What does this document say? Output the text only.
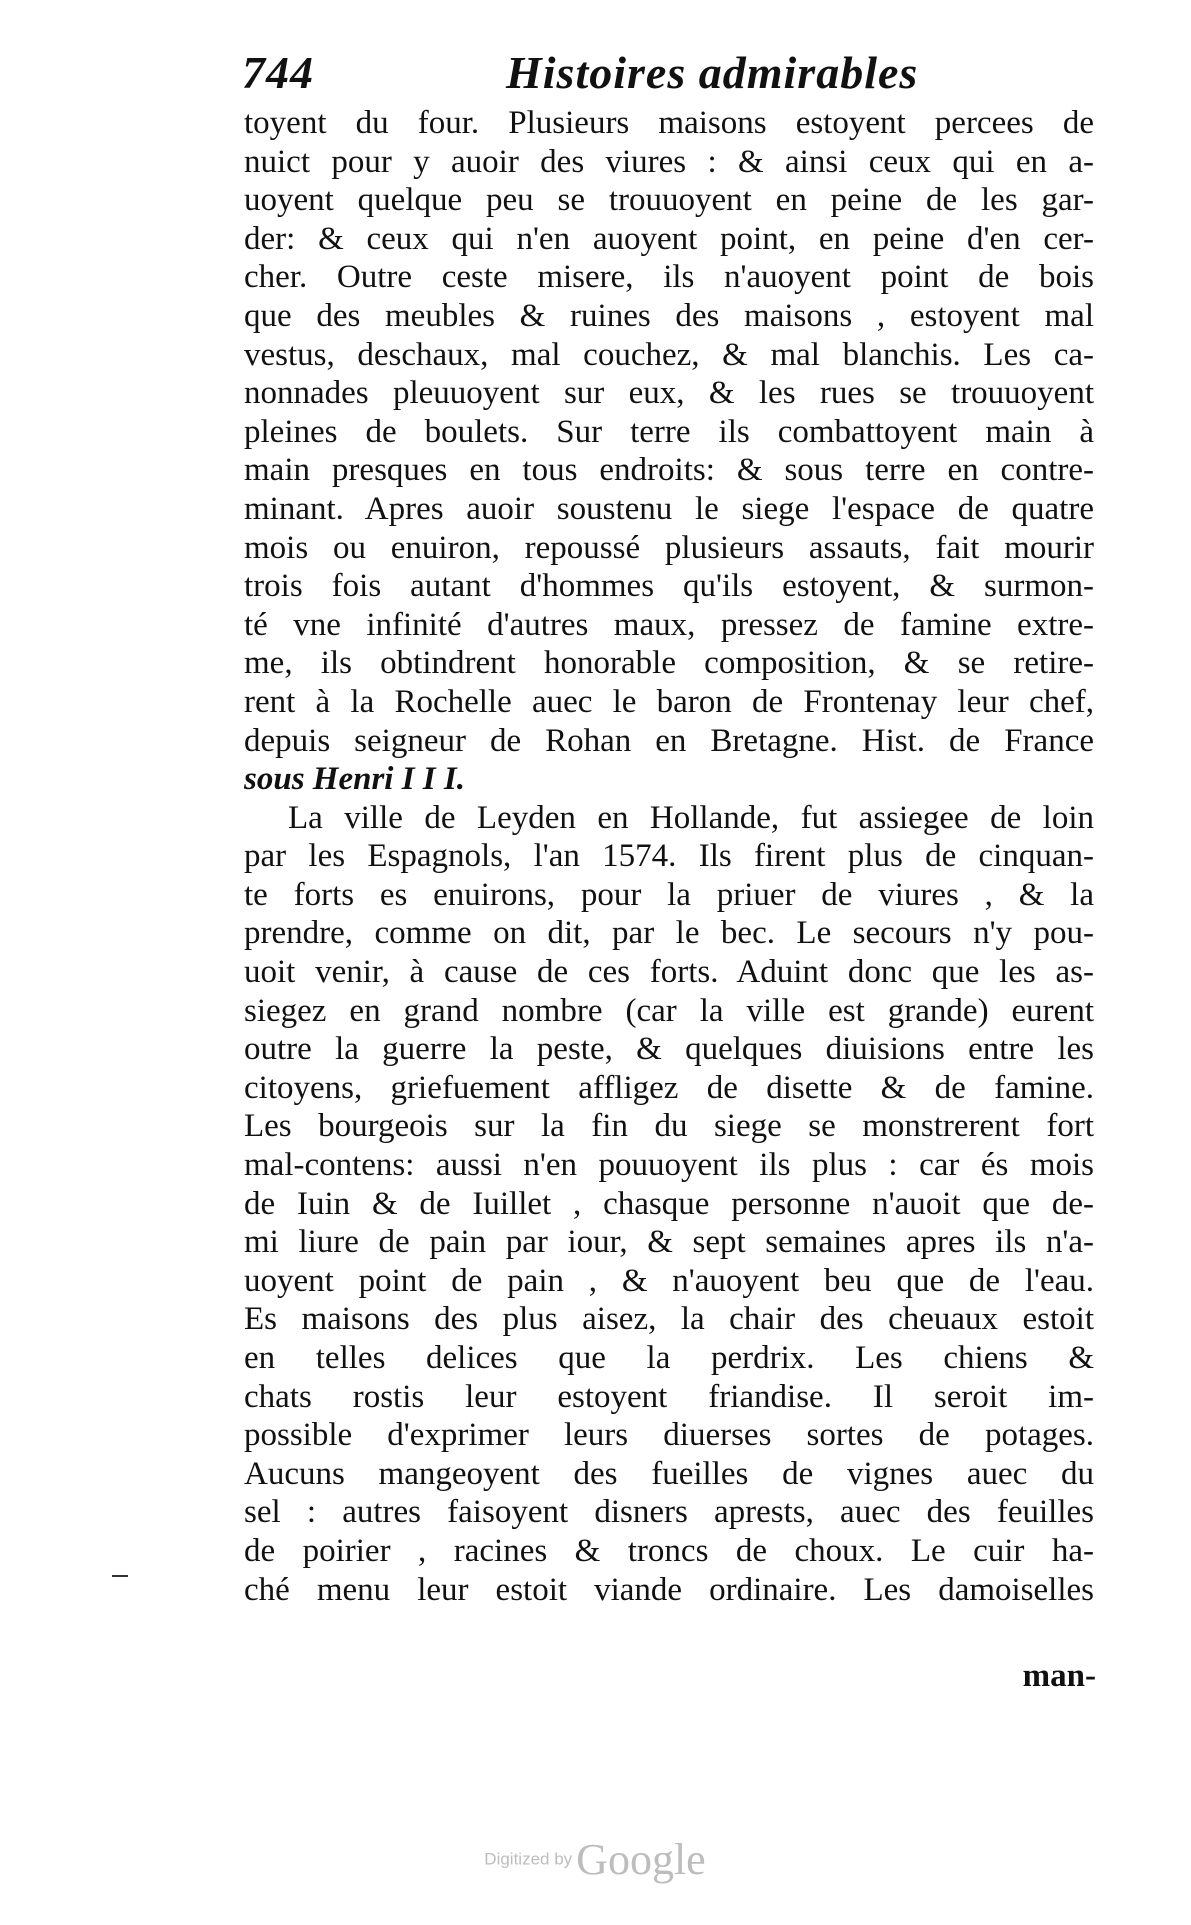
744	Histoires admirables
toyent du four. Plusieurs maisons estoyent percees de
nuict pour y auoir des viures : & ainsi ceux qui en a-
uoyent quelque peu se trouuoyent en peine de les gar-
der: & ceux qui n'en auoyent point, en peine d'en cer-
cher. Outre ceste misere, ils n'auoyent point de bois
que des meubles & ruines des maisons , estoyent mal
vestus, deschaux, mal couchez, & mal blanchis. Les ca-
nonnades pleuuoyent sur eux, & les rues se trouuoyent
pleines de boulets. Sur terre ils combattoyent main à
main presques en tous endroits: & sous terre en contre-
minant. Apres auoir soustenu le siege l'espace de quatre
mois ou enuiron, repoussé plusieurs assauts, fait mourir
trois fois autant d'hommes qu'ils estoyent, & surmon-
té vne infinité d'autres maux, pressez de famine extre-
me, ils obtindrent honorable composition, & se retire-
rent à la Rochelle auec le baron de Frontenay leur chef,
depuis seigneur de Rohan en Bretagne. Hist. de France
sous Henri I I I.
La ville de Leyden en Hollande, fut assiegee de loin
par les Espagnols, l'an 1574. Ils firent plus de cinquan-
te forts es enuirons, pour la priuer de viures , & la
prendre, comme on dit, par le bec. Le secours n'y pou-
uoit venir, à cause de ces forts. Aduint donc que les as-
siegez en grand nombre (car la ville est grande) eurent
outre la guerre la peste, & quelques diuisions entre les
citoyens, griefuement affligez de disette & de famine.
Les bourgeois sur la fin du siege se monstrerent fort
mal-contens: aussi n'en pouuoyent ils plus : car és mois
de Iuin & de Iuillet , chasque personne n'auoit que de-
mi liure de pain par iour, & sept semaines apres ils n'a-
uoyent point de pain , & n'auoyent beu que de l'eau.
Es maisons des plus aisez, la chair des cheuaux estoit
en telles delices que la perdrix. Les chiens &
chats rostis leur estoyent friandise. Il seroit im-
possible d'exprimer leurs diuerses sortes de potages.
Aucuns mangeoyent des fueilles de vignes auec du
sel : autres faisoyent disners aprests, auec des feuilles
de poirier , racines & troncs de choux. Le cuir ha-
ché menu leur estoit viande ordinaire. Les damoiselles
man-
Digitized by Google
